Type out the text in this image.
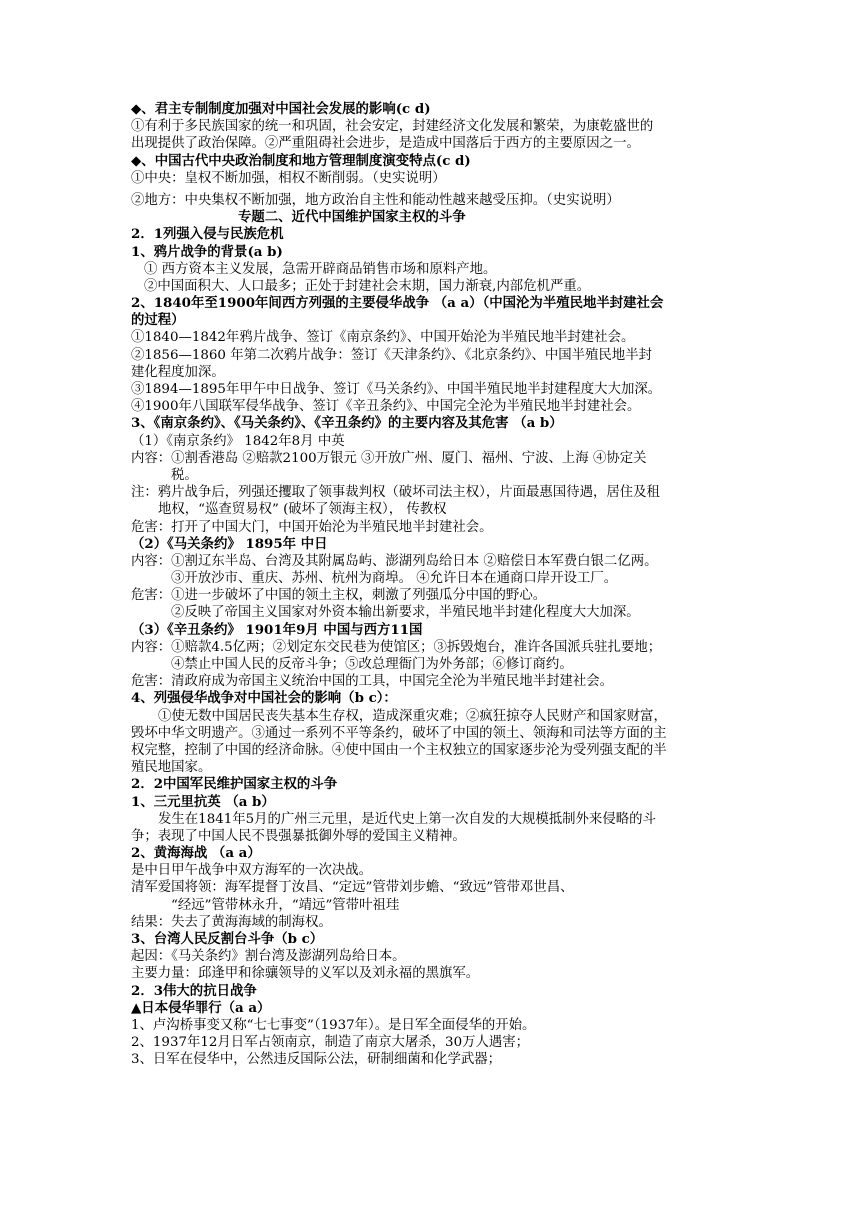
◆、君主专制制度加强对中国社会发展的影响(c d)
①有利于多民族国家的统一和巩固，社会安定，封建经济文化发展和繁荣，为康乾盛世的
出现提供了政治保障。②严重阻碍社会进步，是造成中国落后于西方的主要原因之一。
◆、中国古代中央政治制度和地方管理制度演变特点(c d)
①中央：皇权不断加强，相权不断削弱。（史实说明）
②地方：中央集权不断加强，地方政治自主性和能动性越来越受压抑。（史实说明）
专题二、近代中国维护国家主权的斗争
2．1列强入侵与民族危机
1、鸦片战争的背景(a b)
① 西方资本主义发展，急需开辟商品销售市场和原料产地。
②中国面积大、人口最多；正处于封建社会末期，国力渐衰,内部危机严重。
2、1840年至1900年间西方列强的主要侵华战争 （a a）（中国沦为半殖民地半封建社会
的过程）
①1840—1842年鸦片战争、签订《南京条约》、中国开始沦为半殖民地半封建社会。
②1856—1860 年第二次鸦片战争：签订《天津条约》、《北京条约》、中国半殖民地半封
建化程度加深。
③1894—1895年甲午中日战争、签订《马关条约》、中国半殖民地半封建程度大大加深。
④1900年八国联军侵华战争、签订《辛丑条约》、中国完全沦为半殖民地半封建社会。
3、《南京条约》、《马关条约》、《辛丑条约》的主要内容及其危害 （a b）
（1）《南京条约》 1842年8月 中英
内容：①割香港岛 ②赔款2100万银元 ③开放广州、厦门、福州、宁波、上海 ④协定关
税。
注：鸦片战争后，列强还攫取了领事裁判权（破坏司法主权），片面最惠国待遇，居住及租
地权，“巡查贸易权” (破坏了领海主权）， 传教权
危害：打开了中国大门，中国开始沦为半殖民地半封建社会。
（2）《马关条约》 1895年 中日
内容：①割辽东半岛、台湾及其附属岛屿、澎湖列岛给日本 ②赔偿日本军费白银二亿两。
③开放沙市、重庆、苏州、杭州为商埠。 ④允许日本在通商口岸开设工厂。
危害：①进一步破坏了中国的领土主权，刺激了列强瓜分中国的野心。
②反映了帝国主义国家对外资本输出新要求，半殖民地半封建化程度大大加深。
（3）《辛丑条约》 1901年9月 中国与西方11国
内容：①赔款4.5亿两；②划定东交民巷为使馆区；③拆毁炮台，准许各国派兵驻扎要地；
④禁止中国人民的反帝斗争；⑤改总理衙门为外务部；⑥修订商约。
危害：清政府成为帝国主义统治中国的工具，中国完全沦为半殖民地半封建社会。
4、列强侵华战争对中国社会的影响（b c）：
①使无数中国居民丧失基本生存权，造成深重灾难；②疯狂掠夺人民财产和国家财富，
毁坏中华文明遗产。③通过一系列不平等条约，破坏了中国的领土、领海和司法等方面的主
权完整，控制了中国的经济命脉。④使中国由一个主权独立的国家逐步沦为受列强支配的半
殖民地国家。
2．2中国军民维护国家主权的斗争
1、三元里抗英 （a b）
发生在1841年5月的广州三元里，是近代史上第一次自发的大规模抵制外来侵略的斗
争；表现了中国人民不畏强暴抵御外辱的爱国主义精神。
2、黄海海战 （a a）
是中日甲午战争中双方海军的一次决战。
清军爱国将领：海军提督丁汝昌、“定远”管带刘步蟾、“致远”管带邓世昌、
“经远”管带林永升，“靖远”管带叶祖珪
结果：失去了黄海海域的制海权。
3、台湾人民反割台斗争（b c）
起因：《马关条约》割台湾及澎湖列岛给日本。
主要力量：邱逢甲和徐骧领导的义军以及刘永福的黑旗军。
2．3伟大的抗日战争
▲日本侵华罪行（a a）
1、卢沟桥事变又称“七七事变”（1937年）。是日军全面侵华的开始。
2、1937年12月日军占领南京，制造了南京大屠杀，30万人遇害；
3、日军在侵华中，公然违反国际公法，研制细菌和化学武器；
